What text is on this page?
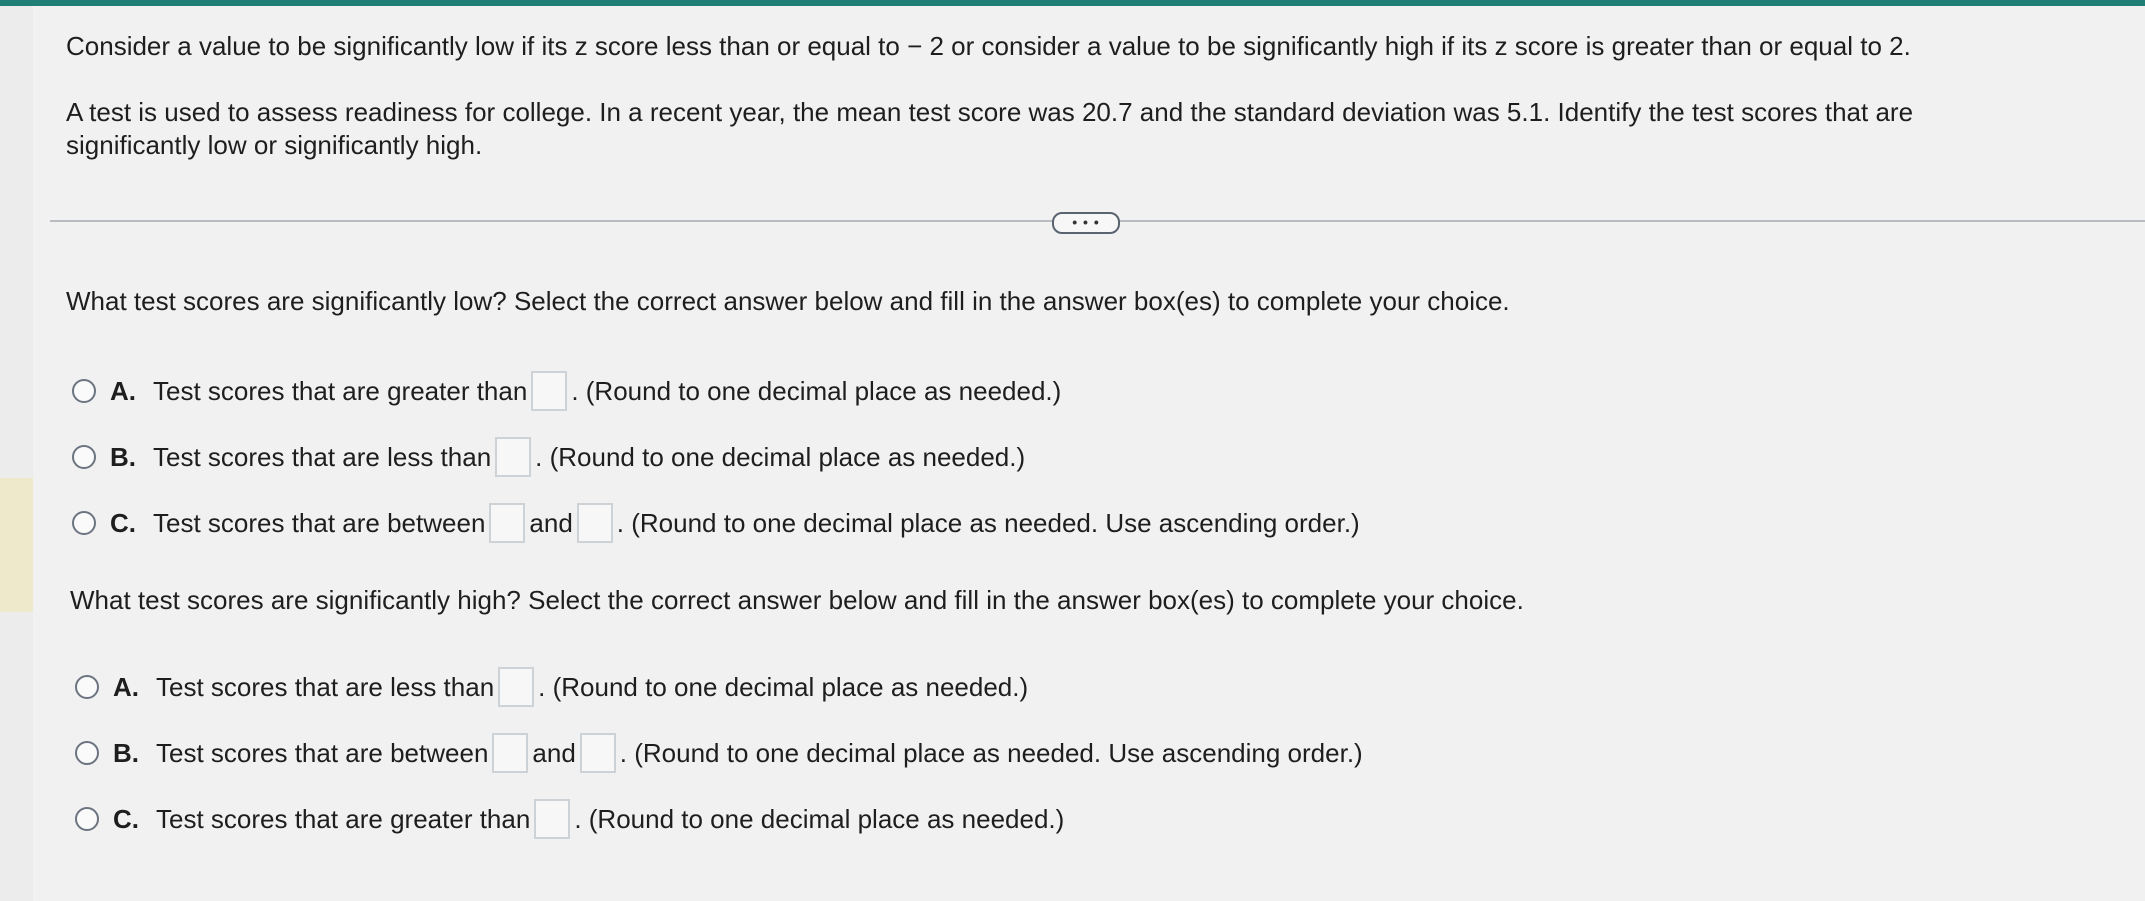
Consider a value to be significantly low if its z score less than or equal to − 2 or consider a value to be significantly high if its z score is greater than or equal to 2.

A test is used to assess readiness for college. In a recent year, the mean test score was 20.7 and the standard deviation was 5.1. Identify the test scores that are

significantly low or significantly high.

• • •

What test scores are significantly low? Select the correct answer below and fill in the answer box(es) to complete your choice.

A. Test scores that are greater than . (Round to one decimal place as needed.)
B. Test scores that are less than . (Round to one decimal place as needed.)
C. Test scores that are between and . (Round to one decimal place as needed. Use ascending order.)

What test scores are significantly high? Select the correct answer below and fill in the answer box(es) to complete your choice.

A. Test scores that are less than . (Round to one decimal place as needed.)
B. Test scores that are between and . (Round to one decimal place as needed. Use ascending order.)
C. Test scores that are greater than . (Round to one decimal place as needed.)
